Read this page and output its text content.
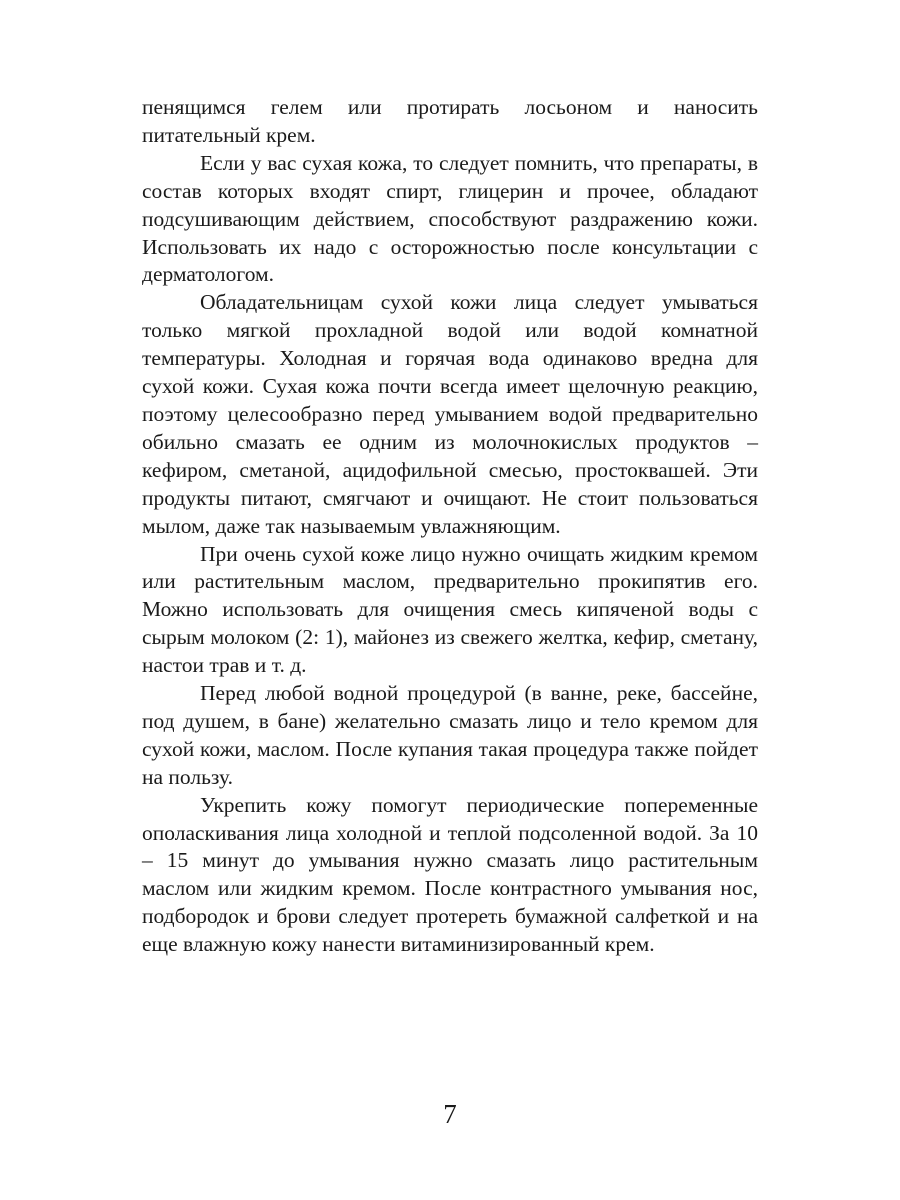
пенящимся гелем или протирать лосьоном и наносить питательный крем.

Если у вас сухая кожа, то следует помнить, что препараты, в состав которых входят спирт, глицерин и прочее, обладают подсушивающим действием, способствуют раздражению кожи. Использовать их надо с осторожностью после консультации с дерматологом.

Обладательницам сухой кожи лица следует умываться только мягкой прохладной водой или водой комнатной температуры. Холодная и горячая вода одинаково вредна для сухой кожи. Сухая кожа почти всегда имеет щелочную реакцию, поэтому целесообразно перед умыванием водой предварительно обильно смазать ее одним из молочнокислых продуктов – кефиром, сметаной, ацидофильной смесью, простоквашей. Эти продукты питают, смягчают и очищают. Не стоит пользоваться мылом, даже так называемым увлажняющим.

При очень сухой коже лицо нужно очищать жидким кремом или растительным маслом, предварительно прокипятив его. Можно использовать для очищения смесь кипяченой воды с сырым молоком (2: 1), майонез из свежего желтка, кефир, сметану, настои трав и т. д.

Перед любой водной процедурой (в ванне, реке, бассейне, под душем, в бане) желательно смазать лицо и тело кремом для сухой кожи, маслом. После купания такая процедура также пойдет на пользу.

Укрепить кожу помогут периодические попеременные ополаскивания лица холодной и теплой подсоленной водой. За 10 – 15 минут до умывания нужно смазать лицо растительным маслом или жидким кремом. После контрастного умывания нос, подбородок и брови следует протереть бумажной салфеткой и на еще влажную кожу нанести витаминизированный крем.

7
